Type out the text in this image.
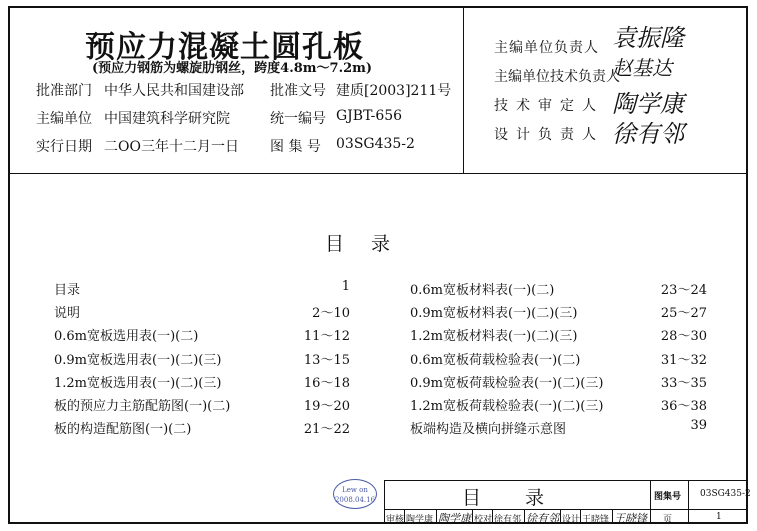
预应力混凝土圆孔板
(预应力钢筋为螺旋肋钢丝，跨度4.8m～7.2m)
批准部门 中华人民共和国建设部 批准文号 建质[2003]211号
主编单位 中国建筑科学研究院	统一编号 GJBT-656
实行日期 二OO三年十二月一日 图 集 号 03SG435-2
主编单位负责人 袁振隆
主编单位技术负责人
赵基达
技术审定人 陶学康
设计负责人 徐有邻
目　录
目录	1
说明	2～10
0.6m宽板选用表(一)(二)	11～12
0.9m宽板选用表(一)(二)(三)	13～15
1.2m宽板选用表(一)(二)(三)	16～18
板的预应力主筋配筋图(一)(二)	19～20
板的构造配筋图(一)(二)	21～22
0.6m宽板材料表(一)(二)	23～24
0.9m宽板材料表(一)(二)(三)	25～27
1.2m宽板材料表(一)(二)(三)	28～30
0.6m宽板荷载检验表(一)(二)	31～32
0.9m宽板荷载检验表(一)(二)(三)	33～35
1.2m宽板荷载检验表(一)(二)(三)	36～38
板端构造及横向拼缝示意图	39
Lew on
2008.04.16	目　　录	图集号 03SG435-2
审核 陶学康 陶学康 校对 徐有邻 徐有邻 设计 王晓锋 王晓锋 页	1
